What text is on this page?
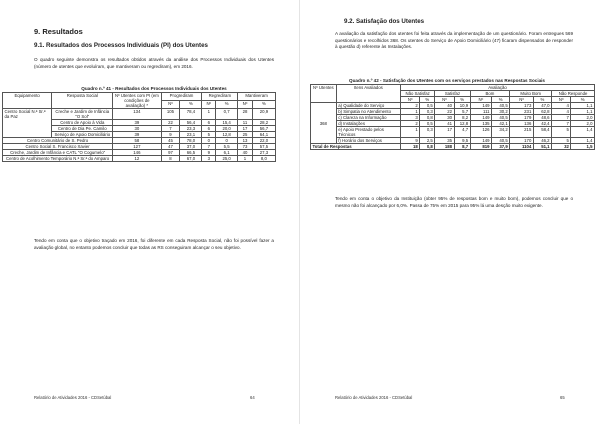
9. Resultados
9.1. Resultados dos Processos Individuais (PI) dos Utentes
O quadro seguinte demonstra os resultados obtidos através da análise dos Processos Individuais dos Utentes (número de utentes que evoluíram, que mantiveram ou regrediram), em 2016.
Quadro n.º 41 - Resultados dos Processos Individuais dos Utentes
Equipamento	Resposta Social	Nº Utentes com PI (em condições de avaliação) *	Progrediram		Regrediram		Mantiveram	
			Nº	%	Nº	%	Nº	%
Centro Social N.ª Sr.ª da Paz	Creche e Jardim de Infância "O Sol"	134	105	78,4	1	0,7	28	20,9
	Centro de Apoio à Vida	39	22	56,4	6	15,4	11	28,2
	Centro de Dia Pe. Camilo	30	7	23,3	6	20,0	17	56,7
	Serviço de Apoio Domiciliário	39	9	23,1	5	12,8	25	64,1
Centro Comunitário de S. Pedro		58	45	78,0	0	0	13	22,0
Centro Social S. Francisco Xavier		127	47	37,0	7	5,5	73	57,5
Creche, Jardim de Infância e CATL "O Cogumelo"		146	97	66,5	9	6,1	40	27,3
Centro de Acolhimento Temporário N.ª Sr.ª do Amparo		12	8	67,0	3	25,0	1	8,0
Tendo em conta que o objetivo traçado em 2016, foi diferente em cada Resposta Social, não foi possível fazer a avaliação global, no entanto podemos concluir que todas as RS conseguiram alcançar o seu objetivo.
Relatório de Atividades 2016 - CDSetúbal	64
9.2. Satisfação dos Utentes
A avaliação da satisfação dos utentes foi feita através da implementação de um questionário. Foram entregues 569 questionários e recolhidos 368. Os utentes do Serviço de Apoio Domiciliário (47) ficaram dispensados de responder à questão d) referente às Instalações.
Quadro n.º 42 - Satisfação dos Utentes com os serviços prestados nas Respostas Sociais
Nº Utentes	Itens Avaliados	Avaliação									
		Não Satisfaz		Satisfaz		Bom		Muito Bom		Não Responde	
		Nº	%	Nº	%	Nº	%	Nº	%	Nº	%
368	a) Qualidade do Serviço	2	0,5	40	10,9	149	40,5	173	47,0	4	1,1
	b) Simpatia no Atendimento	1	0,3	22	5,7	111	30,2	231	62,8	4	1,1
	c) Clareza na Informação	3	0,8	30	8,2	149	40,5	179	48,6	7	2,0
	d) Instalações	2	0,5	41	12,8	135	42,1	136	42,4	7	2,0
	e) Apoio Prestado pelos Técnicos	1	0,3	17	4,7	126	34,2	215	58,4	5	1,4
	f) Horário dos Serviços	9	2,5	35	9,5	149	40,5	170	46,2	5	1,4
Total de Respostas		18	0,8	188	8,7	819	37,9	1104	51,1	32	1,5
Tendo em conta o objetivo da Instituição (obter 95% de respostas bom e muito bom), podemos concluir que o mesmo não foi alcançado por 6,0%. Passa de 75% em 2015 para 95% lá uma desção muito exigente.
Relatório de Atividades 2016 - CDSetúbal	65
